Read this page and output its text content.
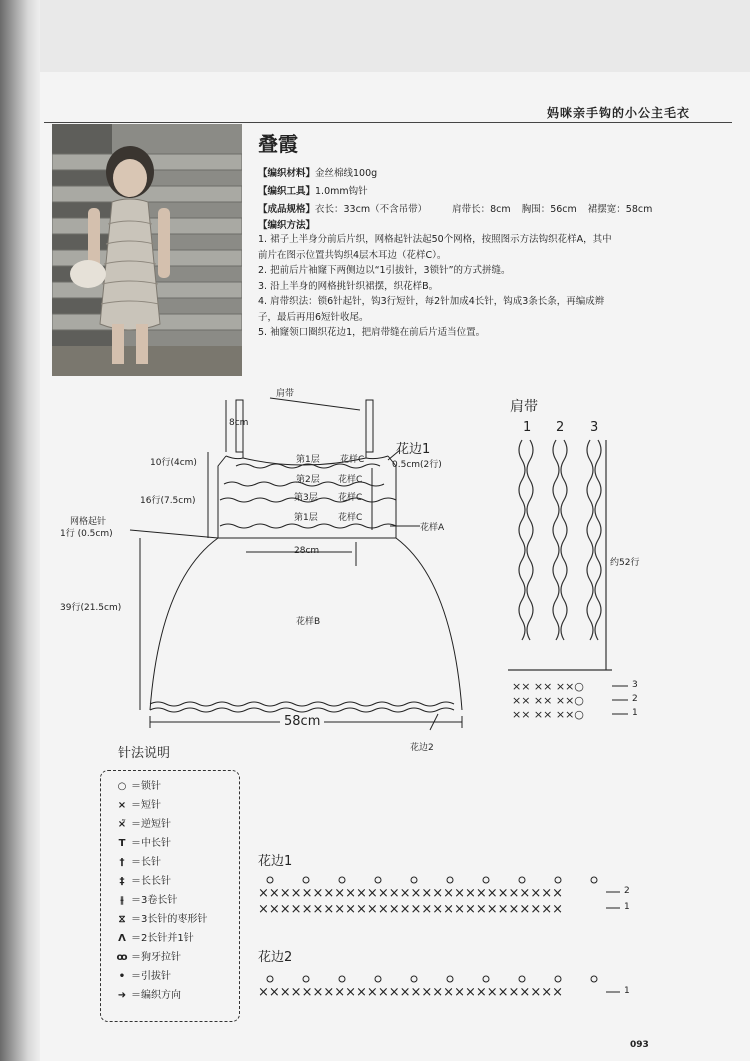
妈咪亲手钩的小公主毛衣
叠霞
【编织材料】金丝棉线100g
【编织工具】1.0mm钩针
【成品规格】衣长：33cm（不含吊带）	肩带长：8cm 胸围：56cm 裙摆宽：58cm
【编织方法】
1. 裙子上半身分前后片织，网格起针法起50个网格，按照图示方法钩织花样A，其中
前片在图示位置共钩织4层木耳边（花样C）。
2. 把前后片袖窿下两侧边以“1引拔针，3锁针”的方式拼缝。
3. 沿上半身的网格挑针织裙摆，织花样B。
4. 肩带织法：锁6针起针，钩3行短针，每2针加成4长针，钩成3条长条，再编成辫
子，最后再用6短针收尾。
5. 袖窿领口圈织花边1，把肩带缝在前后片适当位置。
×× ×× ××○
×× ×× ××○
×× ×× ××○
××××××××××××××××××××××××××××
××××××××××××××××××××××××××××
××××××××××××××××××××××××××××
肩带
8cm
10行(4cm)
16行(7.5cm)
网格起针
1行 (0.5cm)
39行(21.5cm)
第1层
第2层
第3层
第1层
花样C
花样C
花样C
花样C
花边1
0.5cm(2行)
花样A
28cm
花样B
58cm
花边2
肩带
1 2 3
约52行
3
2
1
针法说明
○ ＝锁针
× ＝短针
×̃ ＝逆短针
T ＝中长针
† ＝长针
‡ ＝长长针
⫲ ＝3卷长针
⧖ ＝3长针的枣形针
Λ ＝2长针并1针
ꝏ ＝狗牙拉针
• ＝引拔针
➜ ＝编织方向
花边1
花边2
2
1
1
093
